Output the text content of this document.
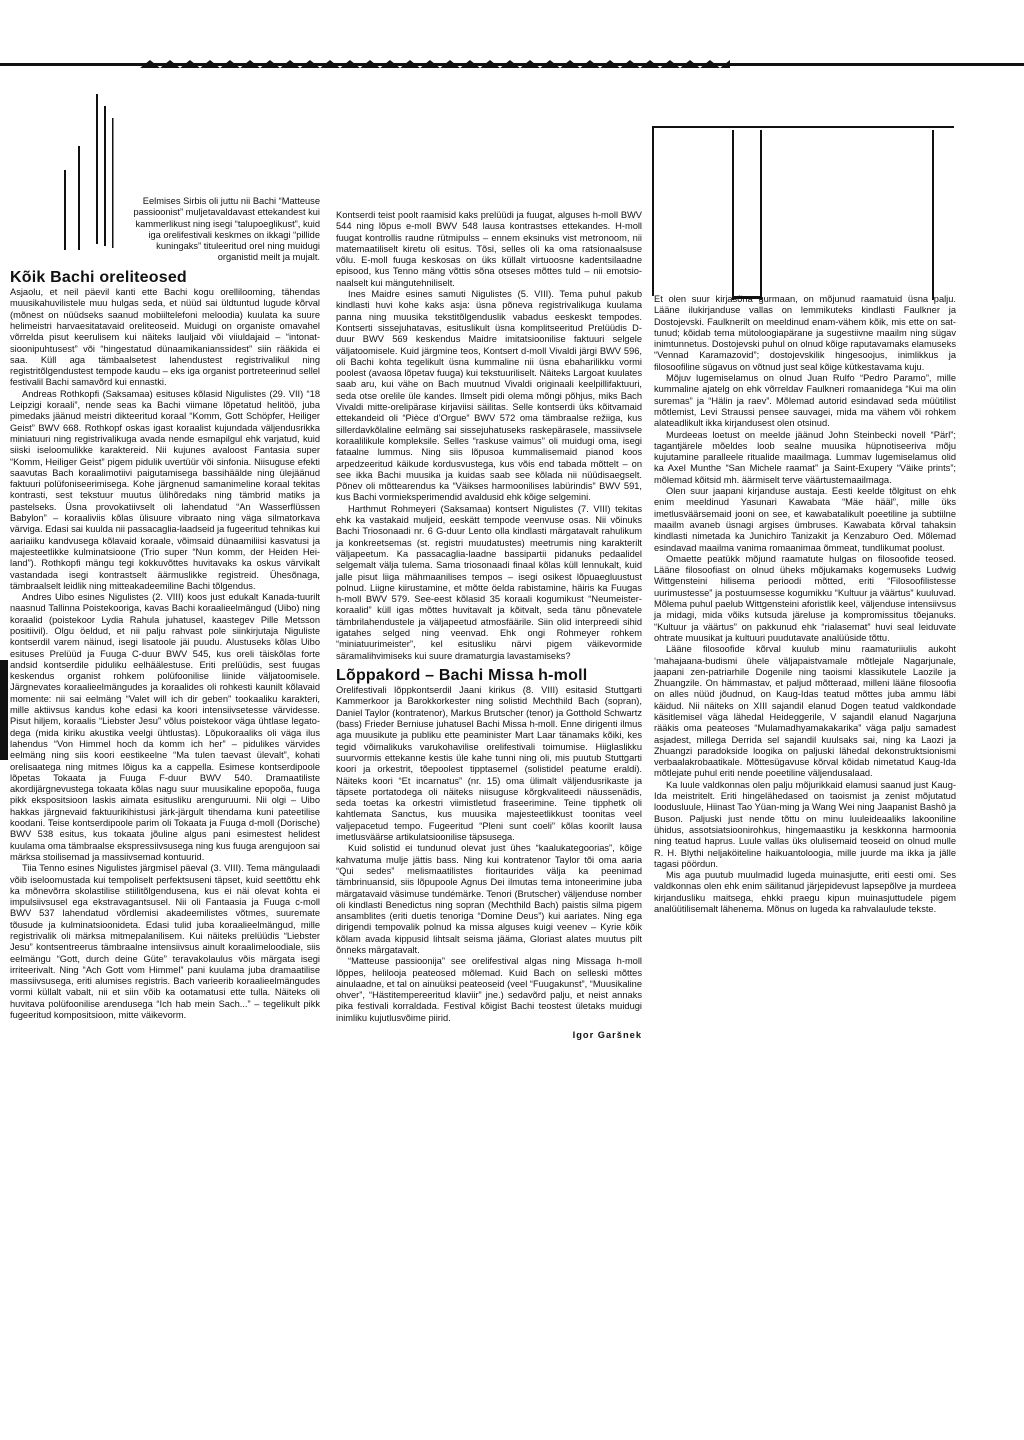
Eelmises Sirbis oli juttu nii Bachi “Matteuse passioonist” muljetavaldavast ettekandest kui kammerlikust ning isegi “talupoeglikust”, kuid iga orelifestivali keskmes on ikkagi “pillide kuningaks” tituleeritud orel ning muidugi organistid meilt ja mujalt.

Kõik Bachi oreliteosed

Asjaolu, et neil päevil kanti ette Bachi kogu orellilooming, tähendas muusikahuvilistele muu hulgas seda, et nüüd sai üldtuntud lugude kõrval (mõnest on nüüdseks saanud mobiiltelefoni meloodia) kuulata ka suure helimeistri harvaesitatavaid oreliteoseid. Muidugi on organiste omavahel võrrelda pisut keerulisem kui näiteks lauljaid või viiuldajaid – “intonatsioonipuhtusest” või “hingestatud dünaamikanianssidest” siin rääkida ei saa. Küll aga tämbaalsetest lahendustest registrivalikul ning registritõlgendustest tempode kaudu – eks iga organist portreteerinud sellel festivalil Bachi samavõrd kui ennastki.

Andreas Rothkopfi (Saksamaa) esituses kõlasid Nigulistes (29. VII) “18 Leipzigi koraali”, nende seas ka Bachi viimane lõpetatud helitöö, juba pimedaks jäänud meistri dikteeritud koraal “Komm, Gott Schöpfer, Heiliger Geist” BWV 668. Rothkopf oskas igast koraalist kujundada väljendusrikka miniatuuri ning registrivalikuga avada nende esmapilgul ehk varjatud, kuid siiski iseloomulikke karaktereid. Nii kujunes avaloost Fantasia super “Komm, Heiliger Geist” pigem pidulik uvertüür või sinfonia. Niisuguse efekti saavutas Bach koraalimotiivi paigutamisega bassihäälde ning ülejäänud faktuuri polüfoniseerimisega. Kohe järgnenud samanimeline koraal tekitas kontrasti, sest tekstuur muutus ülihõredaks ning tämbrid matiks ja pastelseks. Üsna provokatiivselt oli lahendatud “An Wasserflüssen Babylon” – koraaliviis kõlas ülisuure vibraato ning väga silmatorkava värviga. Edasi sai kuulda nii passacaglia-laadseid ja fugeeritud tehnikas kui aariaiiku kandvusega kõlavaid koraale, võimsaid dünaamiliisi kasvatusi ja majesteetlikke kulminatsioone (Trio super “Nun komm, der Heiden Heiland”). Rothkopfi mängu tegi kokkuvõttes huvitavaks ka oskus värvikalt vastandada isegi kontrastselt äärmuslikke registreid. Ühesõnaga, tämbraalselt leidlik ning mitteakadeemiline Bachi tõlgendus.

Andres Uibo esines Nigulistes (2. VIII) koos just edukalt Kanada-tuurilt naasnud Tallinna Poistekooriga, kavas Bachi koraalieelmängud (Uibo) ning koraalid (poistekoor Lydia Rahula juhatusel, kaastegev Pille Metsson positiivil). Olgu öeldud, et nii palju rahvast pole siinkirjutaja Niguliste kontserdil varem näinud, isegi lisatoole jäi puudu. Alustuseks kõlas Uibo esituses Prelüüd ja Fuuga C-duur BWV 545, kus oreli täiskõlas forte andsid kontserdile piduliku eelhäälestuse. Eriti prelüüdis, sest fuugas keskendus organist rohkem polüfoonilise liinide väljatoomisele. Järgnevates koraalieelmängudes ja koraalides oli rohkesti kaunilt kõlavaid momente: nii sai eelmäng “Valet will ich dir geben” tookaaliku karakteri, mille aktiivsus kandus kohe edasi ka koori intensiivsetesse värvidesse. Pisut hiljem, koraalis “Liebster Jesu” võlus poistekoor väga ühtlase legato-dega (mida kiriku akustika veelgi ühtlustas). Lõpukoraaliks oli väga ilus lahendus “Von Himmel hoch da komm ich her” – pidulikes värvides eelmäng ning siis koori eestikeelne “Ma tulen taevast ülevalt”, kohati orelisaatega ning mitmes lõigus ka a cappella. Esimese kontserdipoole lõpetas Tokaata ja Fuuga F-duur BWV 540. Dramaatiliste akordijärgnevustega tokaata kõlas nagu suur muusikaline epopoõa, fuuga pikk ekspositsioon laskis aimata esitusliku arenguruumi. Nii olgi – Uibo hakkas järgnevaid faktuurikihistusi järk-järgult tihendama kuni pateetilise koodani. Teise kontserdipoole parim oli Tokaata ja Fuuga d-moll (Dorische) BWV 538 esitus, kus tokaata jõuline algus pani esimestest helidest kuulama oma tämbraalse ekspressiivsusega ning kus fuuga arengujoon sai märksa stoilisemad ja massiivsemad kontuurid.

Tiia Tenno esines Nigulistes järgmisel päeval (3. VIII). Tema mängulaadi võib iseloomustada kui tempoliselt perfektsuseni täpset, kuid seettõttu ehk ka mõnevõrra skolastilise stiilitõlgendusena, kus ei näi olevat kohta ei impulsiivsusel ega ekstravagantsusel. Nii oli Fantaasia ja Fuuga c-moll BWV 537 lahendatud võrdlemisi akadeemilistes võtmes, suuremate tõusude ja kulminatsioonideta. Edasi tulid juba koraalieelmängud, mille registrivalik oli märksa mitmepalanilisem. Kui näiteks prelüüdis “Liebster Jesu” kontsentreerus tämbraalne intensiivsus ainult koraalimeloodiale, siis eelmängu “Gott, durch deine Güte” teravakolaulus võis märgata isegi irriteerivalt. Ning “Ach Gott vom Himmel” pani kuulama juba dramaatilise massiivsusega, eriti alumises registris. Bach varieerib koraalieelmängudes vormi küllalt vabalt, nii et siin võib ka ootamatusi ette tulla. Näiteks oli huvitava polüfoonilise arendusega “Ich hab mein Sach...” – tegelikult pikk fugeeritud kompositsioon, mitte väikevorm.

Kontserdi teist poolt raamisid kaks prelüüdi ja fuugat, alguses h-moll BWV 544 ning lõpus e-moll BWV 548 lausa kontrastses ettekandes. H-moll fuugat kontrollis raudne rütmipulss – ennem eksinuks vist metronoom, nii matemaatiliselt kiretu oli esitus. Tõsi, selles oli ka oma ratsionaalsuse võlu. E-moll fuuga keskosas on üks küllalt virtuoosne kadentsilaadne episood, kus Tenno mäng võttis sõna otseses mõttes tuld – nii emotsionaalselt kui mängutehniliselt.

Ines Maidre esines samuti Nigulistes (5. VIII). Tema puhul pakub kindlasti huvi kohe kaks asja: üsna põneva registrivalikuga kuulama panna ning muusika tekstitõlgenduslik vabadus eeskeskt tempodes. Kontserti sissejuhatavas, esituslikult üsna komplitseeritud Prelüüdis D-duur BWV 569 keskendus Maidre imitatsioonilise faktuuri selgele väljatoomisele. Kuid järgmine teos, Kontsert d-moll Vivaldi järgi BWV 596, oli Bachi kohta tegelikult üsna kummaline nii üsna ebaharilikku vormi poolest (avaosa lõpetav fuuga) kui tekstuuriliselt. Näiteks Largoat kuulates saab aru, kui vähe on Bach muutnud Vivaldi originaali keelpillifaktuuri, seda otse orelile üle kandes. Ilmselt pidi olema mõngi põhjus, miks Bach Vivaldi mitte-orelipärase kirjaviisi säilitas. Selle kontserdi üks kõitvamaid ettekandeid oli “Pièce d’Orgue” BWV 572 oma tämbraalse režiiga, kus sillerdavkõlaline eelmäng sai sissejuhatuseks raskepärasele, massiivsele koraalilikule kompleksile. Selles “raskuse vaimus” oli muidugi oma, isegi fataalne lummus. Ning siis lõpusoa kummalisemaid pianod koos arpedzeeritud käikude kordusvustega, kus võis end tabada mõttelt – on see ikka Bachi muusika ja kuidas saab see kõlada nii nüüdisaegselt. Põnev oli mõttearendus ka “Väikses harmoonilises labürindis” BWV 591, kus Bachi vormieksperimendid avaldusid ehk kõige selgemini.

Harthmut Rohmeyeri (Saksamaa) kontsert Nigulistes (7. VIII) tekitas ehk ka vastakaid muljeid, eeskätt tempode veenvuse osas. Nii võinuks Bachi Triosonaadi nr. 6 G-duur Lento olla kindlasti märgatavalt rahulikum ja konkreetsemas (st. registri muudatustes) meetrumis ning karakterilt väljapeetum. Ka passacaglia-laadne bassipartii pidanuks pedaalidel selgemalt välja tulema. Sama triosonaadi finaal kõlas küll lennukalt, kuid jalle pisut liiga mähmaanilises tempos – isegi osikest lõpuaegluustust polnud. Liigne kiirustamine, et mõtte öelda rabistamine, häiris ka Fuugas h-moll BWV 579. See-eest kõlasid 35 koraali kogumikust “Neumeister-koraalid” küll igas mõttes huvitavalt ja kõitvalt, seda tänu põnevatele tämbrilahendustele ja väljapeetud atmosfäärile. Siin olid interpreedi sihid igatahes selged ning veenvad. Ehk ongi Rohmeyer rohkem “miniatuurimeister”, kel esitusliku närvi pigem väikevormide säramalihvimiseks kui suure dramaturgia lavastamiseks?

Lõppakord – Bachi Missa h-moll

Orelifestivali lõppkontserdil Jaani kirikus (8. VIII) esitasid Stuttgarti Kammerkoor ja Barokkorkester ning solistid Mechthild Bach (sopran), Daniel Taylor (kontratenor), Markus Brutscher (tenor) ja Gotthold Schwartz (bass) Frieder Berniuse juhatusel Bachi Missa h-moll. Enne dirigenti ilmus aga muusikute ja publiku ette peaminister Mart Laar tänamaks kõiki, kes tegid võimalikuks varukohavilise orelifestivali toimumise. Hiiglaslikku suurvormis ettekanne kestis üle kahe tunni ning oli, mis puutub Stuttgarti koori ja orkestrit, tõepoolest tipptasemel (solistidel peatume eraldi). Näiteks koori “Et incarnatus” (nr. 15) oma ülimalt väljendusrikaste ja täpsete portatodega oli näiteks niisuguse kõrgkvaliteedi näussenädis, seda toetas ka orkestri viimistletud fraseerimine. Teine tipphetk oli kahtlemata Sanctus, kus muusika majesteetlikkust toonitas veel valjepacetud tempo. Fugeeritud “Pleni sunt coeli” kõlas koorilt lausa imetlusväärse artikulatsioonilise täpsusega.

Kuid solistid ei tundunud olevat just ühes “kaalukategoorias”, kõige kahvatuma mulje jättis bass. Ning kui kontratenor Taylor tõi oma aaria “Qui sedes” melismaatilistes fioritaurides välja ka peenimad tämbrinuansid, siis lõpupoole Agnus Dei ilmutas tema intoneerimine juba märgatavaid väsimuse tundémärke. Tenori (Brutscher) väljenduse nomber oli kindlasti Benedictus ning sopran (Mechthild Bach) paistis silma pigem ansamblites (eriti duetis tenoriga “Domine Deus”) kui aariates. Ning ega dirigendi tempovalik polnud ka missa alguses kuigi veenev – Kyrie kõik kõlam avada kippusid lihtsalt seisma jääma, Gloriast alates muutus pilt õnneks märgatavalt.

“Matteuse passioonija” see orelifestival algas ning Missaga h-moll lõppes, helilooja peateosed mõlemad. Kuid Bach on selleski mõttes ainulaadne, et tal on ainuüksi peateoseid (veel “Fuugakunst”, “Muusikaline ohver”, “Hästitempereeritud klaviir” jne.) sedavõrd palju, et neist annaks pika festivali korraldada. Festival kõigist Bachi teostest ületaks muidugi inimliku kujutlusvõime piirid.

Igor Garšnek

Et olen suur kirjasõna gurmaan, on mõjunud raamatuid üsna palju. Lääne ilukirjanduse vallas on lemmikuteks kindlasti Faulkner ja Dostojevski. Faulknerilt on meeldinud enam-vähem kõik, mis ette on sattunud; kõidab tema mütoloogiapärane ja sugestiivne maailm ning sügav inimtunnetus. Dostojevski puhul on olnud kõige raputavamaks elamuseks “Vennad Karamazovid”; dostojevskilik hingesoojus, inimlikkus ja filosoofiline sügavus on võtnud just seal kõige kütkestavama kuju.

Mõjuv lugemiselamus on olnud Juan Rulfo “Pedro Paramo”, mille kummaline ajatelg on ehk võrreldav Faulkneri romaanidega “Kui ma olin suremas” ja “Hälin ja raev”. Mõlemad autorid esindavad seda müütilist mõtlemist, Levi Straussi pensee sauvagei, mida ma vähem või rohkem alateadlikult ikka kirjandusest olen otsinud.

Murdeeas loetust on meelde jäänud John Steinbecki novell “Pärl”; tagantjärele mõeldes loob sealne muusika hüpnotiseeriva mõju kujutamine paralleele ritualide maailmaga. Lummav lugemiselamus olid ka Axel Munthe “San Michele raamat” ja Saint-Exupery “Väike prints”; mõlemad kõitsid mh. äärmiselt terve väärtustemaailmaga.

Olen suur jaapani kirjanduse austaja. Eesti keelde tõlgitust on ehk enim meeldinud Yasunari Kawabata “Mäe hääl”, mille üks imetlusväärsemaid jooni on see, et kawabatalikult poeetiline ja subtiilne maailm avaneb üsnagi argises ümbruses. Kawabata kõrval tahaksin kindlasti nimetada ka Junichiro Tanizakit ja Kenzaburo Oed. Mõlemad esindavad maailma vanima romaanimaa õmmeat, tundlikumat poolust.

Omaette peatükk mõjund raamatute hulgas on filosoofide teosed. Lääne filosoofiast on olnud üheks mõjukamaks kogemuseks Ludwig Wittgensteini hilisema perioodi mõtted, eriti “Filosoofilistesse uurimustesse” ja postuumsesse kogumikku “Kultuur ja väärtus” kuuluvad. Mõlema puhul paelub Wittgensteini aforistlik keel, väljenduse intensiivsus ja midagi, mida võiks kutsuda järeluse ja kompromissitus tõejanuks. “Kultuur ja väärtus” on pakkunud ehk “rialasemat” huvi seal leiduvate ohtrate muusikat ja kultuuri puudutavate analüüside tõttu.

Lääne filosoofide kõrval kuulub minu raamaturiiulis aukoht ‘mahajaana-budismi ühele väljapaistvamale mõtlejale Nagarjunale, jaapani zen-patriarhile Dogenile ning taoismi klassikutele Laozile ja Zhuangzile. On hämmastav, et paljud mõtteraad, milleni lääne filosoofia on alles nüüd jõudnud, on Kaug-Idas teatud mõttes juba ammu läbi käidud. Nii näiteks on XIII sajandil elanud Dogen teatud valdkondade käsitlemisel väga lähedal Heideggerile, V sajandil elanud Nagarjuna rääkis oma peateoses “Mulamadhyamakakarika” väga palju samadest asjadest, millega Derrida sel sajandil kuulsaks sai, ning ka Laozi ja Zhuangzi paradokside loogika on paljuski lähedal dekonstruktsionismi verbaalakrobaatikale. Mõttesügavuse kõrval kõidab nimetatud Kaug-Ida mõtlejate puhul eriti nende poeetiline väljendusalaad.

Ka luule valdkonnas olen palju mõjurikkaid elamusi saanud just Kaug-Ida meistritelt. Eriti hingelähedased on taoismist ja zenist mõjutatud loodusluule, Hiinast Tao Yüan-ming ja Wang Wei ning Jaapanist Bashô ja Buson. Paljuski just nende tõttu on minu luuleideaaliks lakooniline ühidus, assotsiatsioonirohkus, hingemaastiku ja keskkonna harmoonia ning teatud haprus. Luule vallas üks olulisemaid teoseid on olnud mulle R. H. Blythi neljaköiteline haikuantoloogia, mille juurde ma ikka ja jälle tagasi pöördun.

Mis aga puutub muulmadid lugeda muinasjutte, eriti eesti omi. Ses valdkonnas olen ehk enim säilitanud järjepidevust lapsepõlve ja murdeea kirjandusliku maitsega, ehkki praegu kipun muinasjuttudele pigem analüütilisemalt lähenema. Mõnus on lugeda ka rahvalaulude tekste.
